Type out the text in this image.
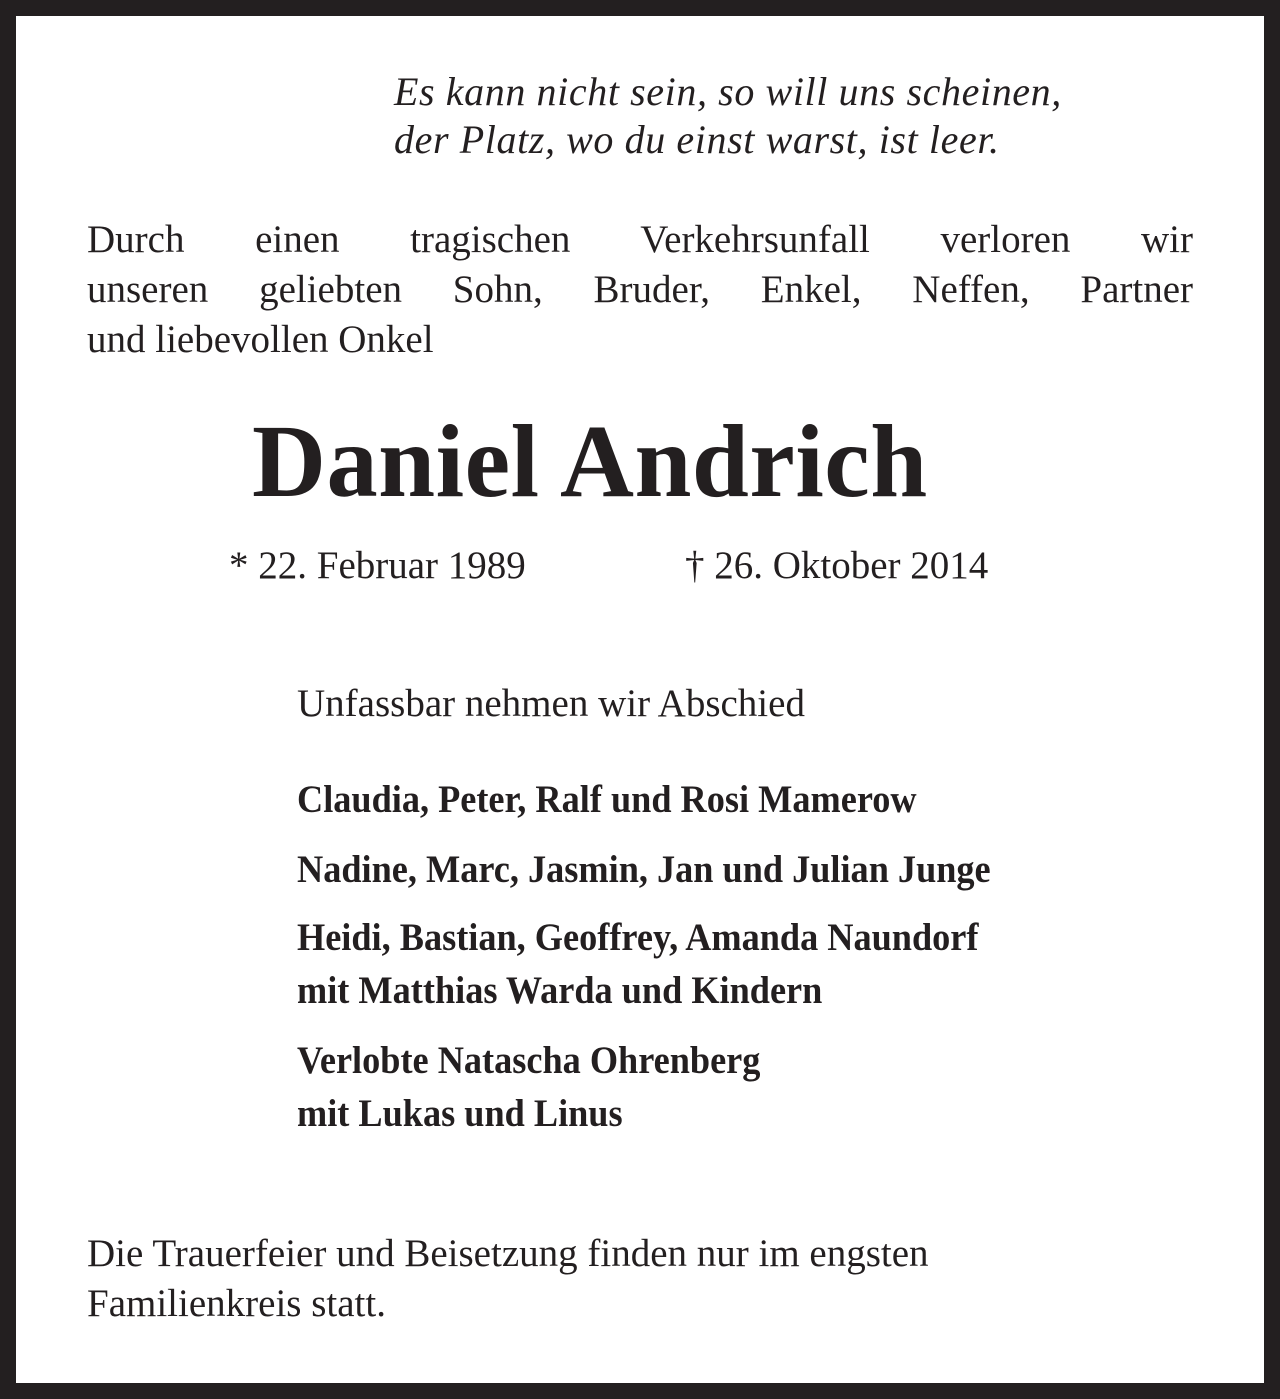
Es kann nicht sein, so will uns scheinen,
der Platz, wo du einst warst, ist leer.
Durch einen tragischen Verkehrsunfall verloren wir
unseren geliebten Sohn, Bruder, Enkel, Neffen, Partner
und liebevollen Onkel
Daniel Andrich
* 22. Februar 1989	† 26. Oktober 2014
Unfassbar nehmen wir Abschied
Claudia, Peter, Ralf und Rosi Mamerow
Nadine, Marc, Jasmin, Jan und Julian Junge
Heidi, Bastian, Geoffrey, Amanda Naundorf
mit Matthias Warda und Kindern
Verlobte Natascha Ohrenberg
mit Lukas und Linus
Die Trauerfeier und Beisetzung finden nur im engsten
Familienkreis statt.
